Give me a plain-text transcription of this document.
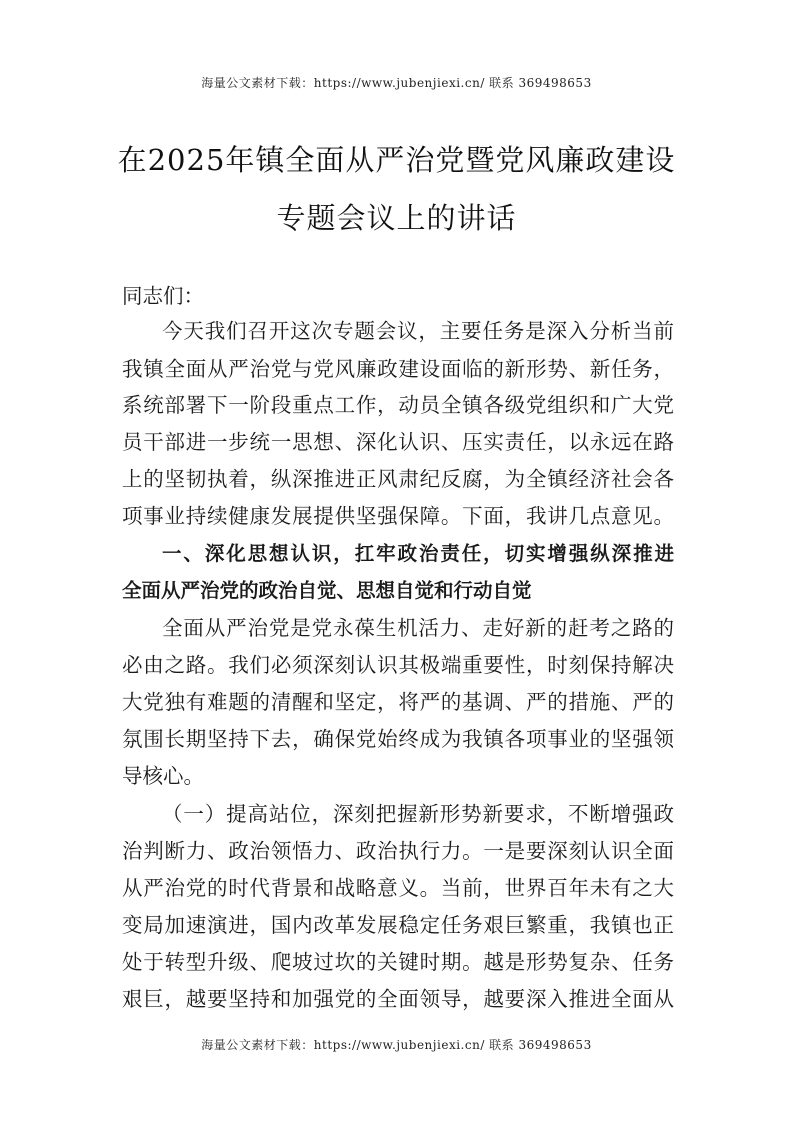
海量公文素材下载：https://www.jubenjiexi.cn/ 联系 369498653
在2025年镇全面从严治党暨党风廉政建设
专题会议上的讲话
同志们：
今天我们召开这次专题会议，主要任务是深入分析当前
我镇全面从严治党与党风廉政建设面临的新形势、新任务，
系统部署下一阶段重点工作，动员全镇各级党组织和广大党
员干部进一步统一思想、深化认识、压实责任，以永远在路
上的坚韧执着，纵深推进正风肃纪反腐，为全镇经济社会各
项事业持续健康发展提供坚强保障。下面，我讲几点意见。
一、深化思想认识，扛牢政治责任，切实增强纵深推进
全面从严治党的政治自觉、思想自觉和行动自觉
全面从严治党是党永葆生机活力、走好新的赶考之路的
必由之路。我们必须深刻认识其极端重要性，时刻保持解决
大党独有难题的清醒和坚定，将严的基调、严的措施、严的
氛围长期坚持下去，确保党始终成为我镇各项事业的坚强领
导核心。
（一）提高站位，深刻把握新形势新要求，不断增强政
治判断力、政治领悟力、政治执行力。一是要深刻认识全面
从严治党的时代背景和战略意义。当前，世界百年未有之大
变局加速演进，国内改革发展稳定任务艰巨繁重，我镇也正
处于转型升级、爬坡过坎的关键时期。越是形势复杂、任务
艰巨，越要坚持和加强党的全面领导，越要深入推进全面从
海量公文素材下载：https://www.jubenjiexi.cn/ 联系 369498653
